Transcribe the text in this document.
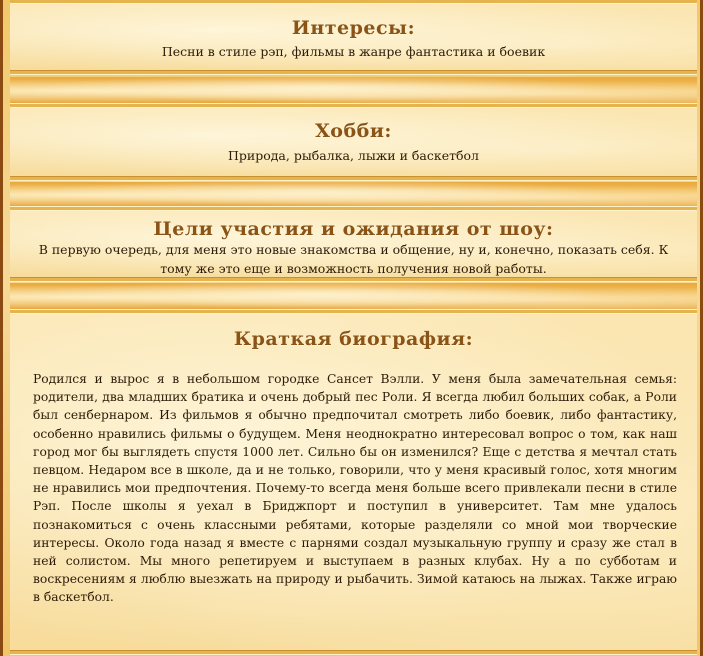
Интересы:

Песни в стиле рэп, фильмы в жанре фантастика и боевик

Хобби:

Природа, рыбалка, лыжи и баскетбол

Цели участия и ожидания от шоу:

В первую очередь, для меня это новые знакомства и общение, ну и, конечно, показать себя. К тому же это еще и возможность получения новой работы.

Краткая биография:

Родился и вырос я в небольшом городке Сансет Вэлли. У меня была замечательная семья: родители, два младших братика и очень добрый пес Роли. Я всегда любил больших собак, а Роли был сенбернаром. Из фильмов я обычно предпочитал смотреть либо боевик, либо фантастику, особенно нравились фильмы о будущем. Меня неоднократно интересовал вопрос о том, как наш город мог бы выглядеть спустя 1000 лет. Сильно бы он изменился? Еще с детства я мечтал стать певцом. Недаром все в школе, да и не только, говорили, что у меня красивый голос, хотя многим не нравились мои предпочтения. Почему-то всегда меня больше всего привлекали песни в стиле Рэп. После школы я уехал в Бриджпорт и поступил в университет. Там мне удалось познакомиться с очень классными ребятами, которые разделяли со мной мои творческие интересы. Около года назад я вместе с парнями создал музыкальную группу и сразу же стал в ней солистом. Мы много репетируем и выступаем в разных клубах. Ну а по субботам и воскресениям я люблю выезжать на природу и рыбачить. Зимой катаюсь на лыжах. Также играю в баскетбол.
